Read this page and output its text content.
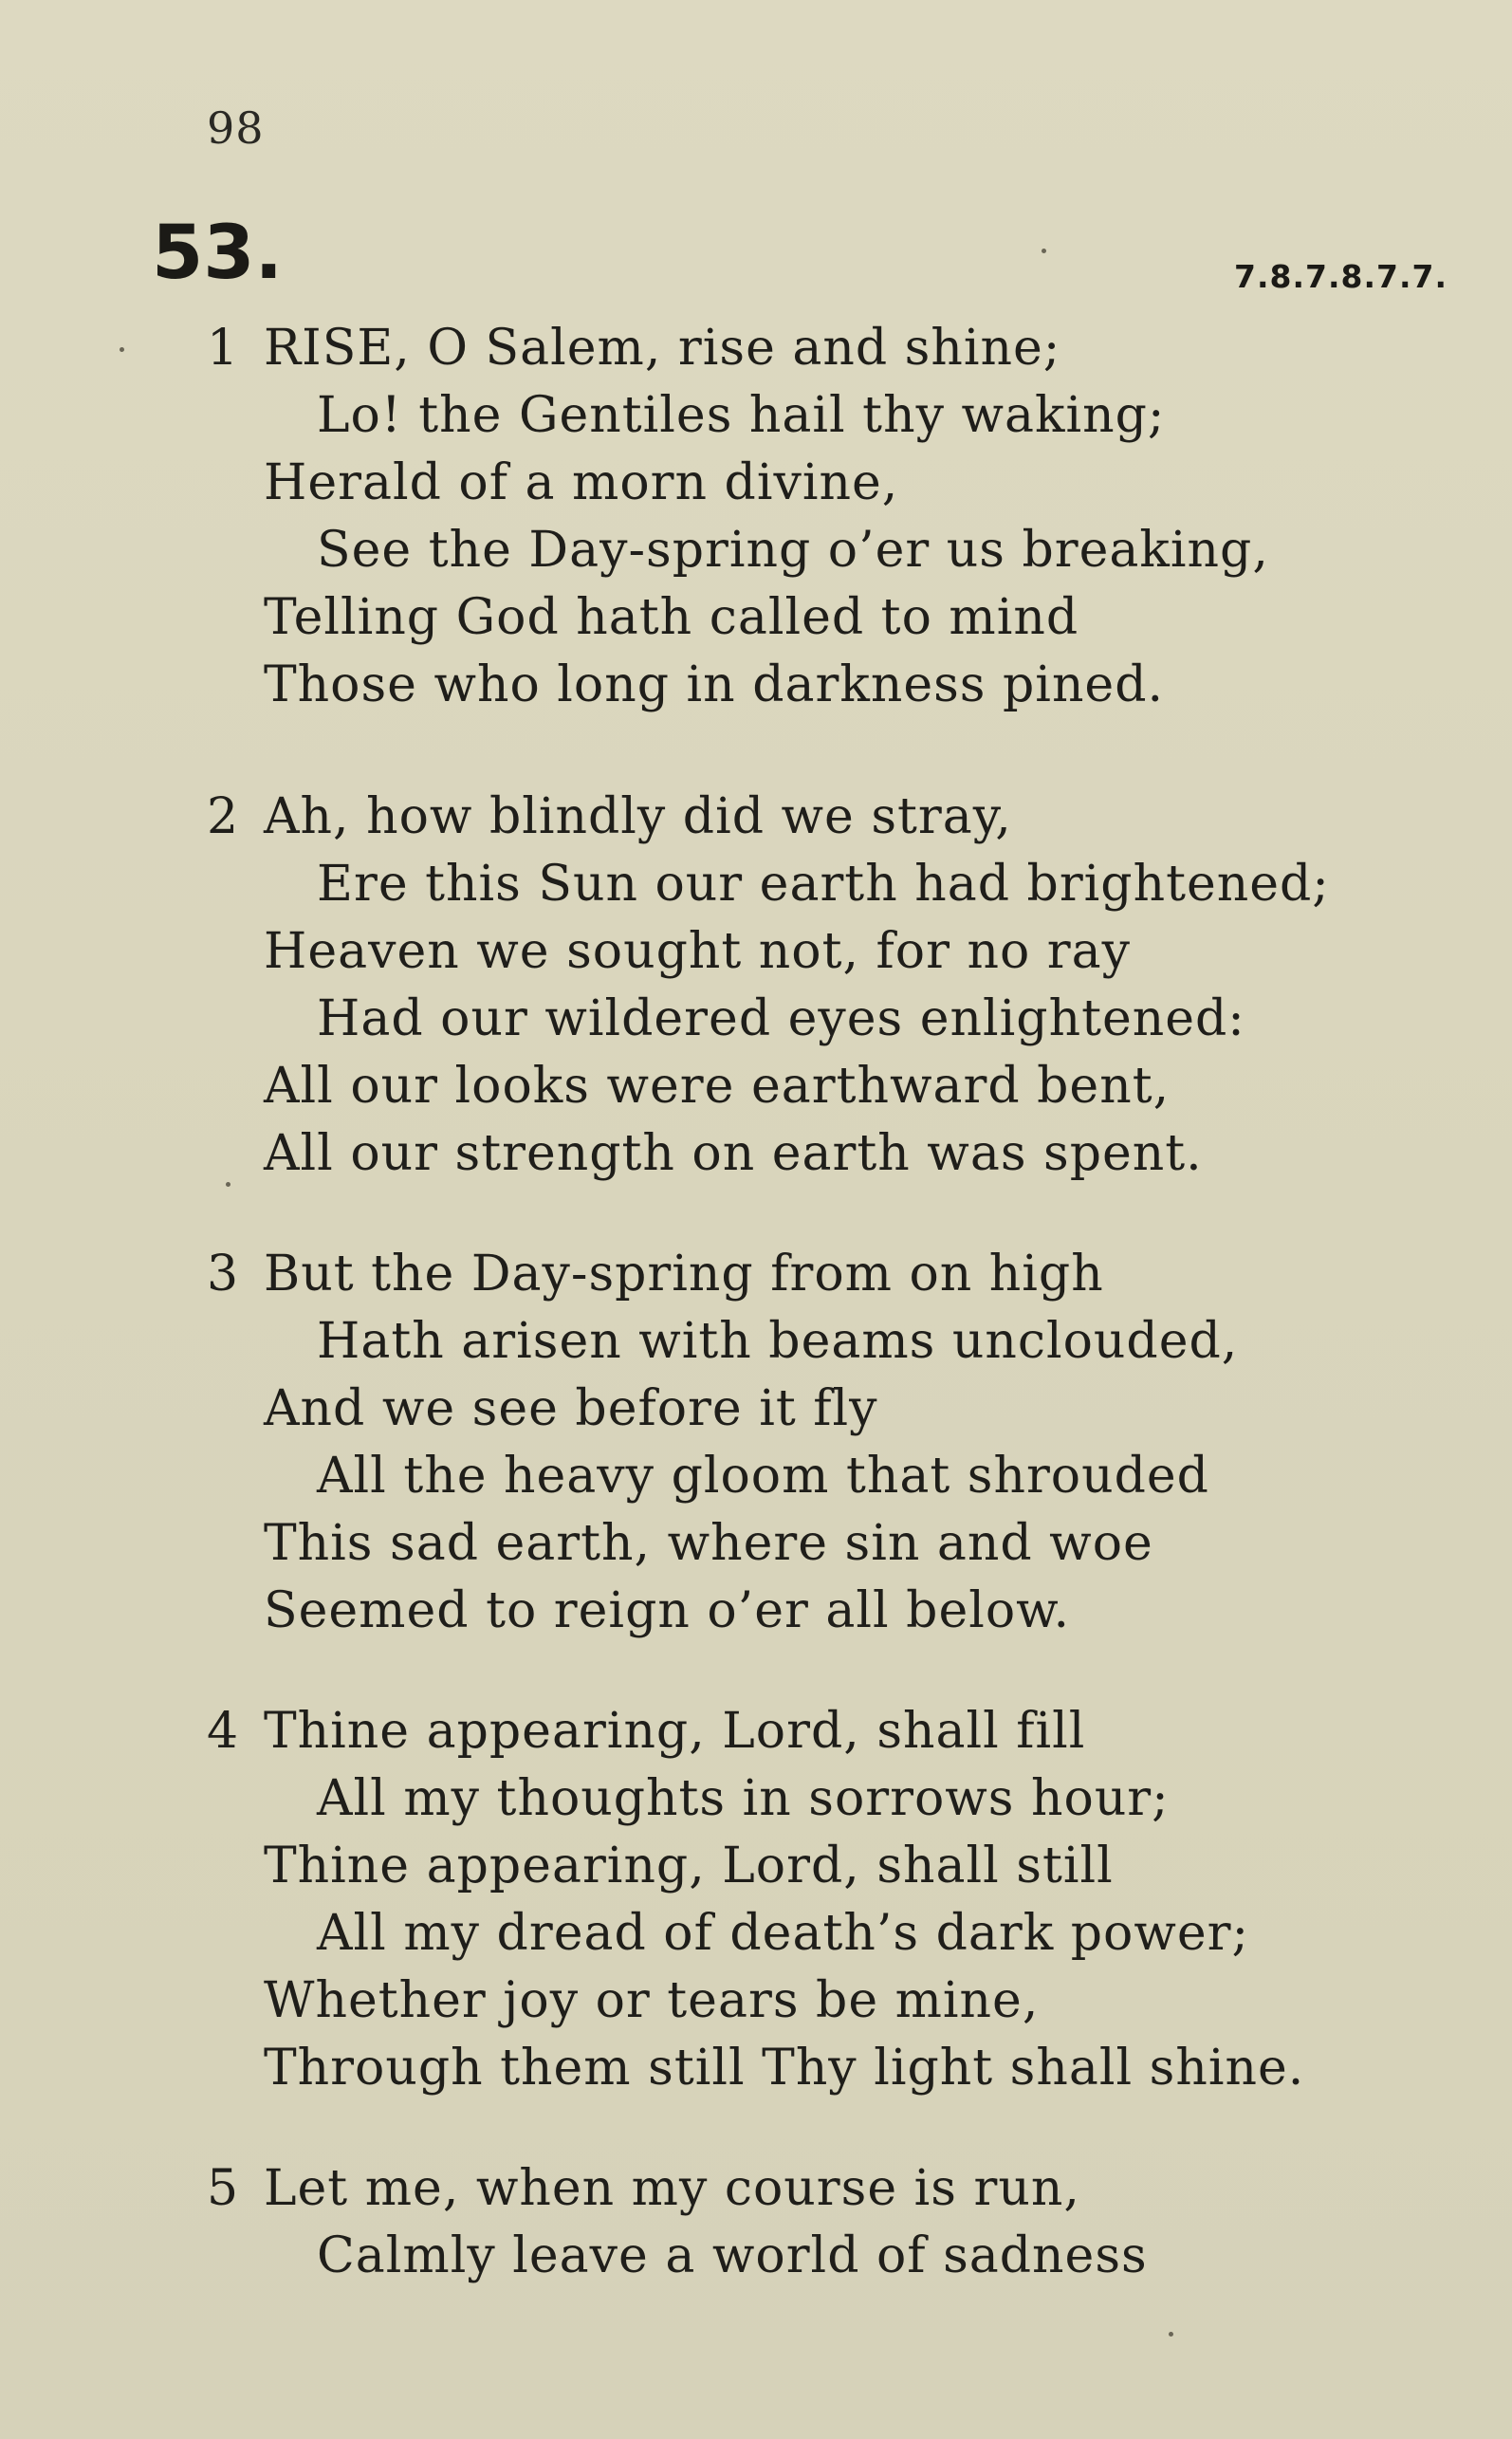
98
53.	7.8.7.8.7.7.
1 RISE, O Salem, rise and shine;
Lo! the Gentiles hail thy waking;
Herald of a morn divine,
See the Day-spring o’er us breaking,
Telling God hath called to mind
Those who long in darkness pined.
2 Ah, how blindly did we stray,
Ere this Sun our earth had brightened;
Heaven we sought not, for no ray
Had our wildered eyes enlightened:
All our looks were earthward bent,
All our strength on earth was spent.
3 But the Day-spring from on high
Hath arisen with beams unclouded,
And we see before it fly
All the heavy gloom that shrouded
This sad earth, where sin and woe
Seemed to reign o’er all below.
4 Thine appearing, Lord, shall fill
All my thoughts in sorrows hour;
Thine appearing, Lord, shall still
All my dread of death’s dark power;
Whether joy or tears be mine,
Through them still Thy light shall shine.
5 Let me, when my course is run,
Calmly leave a world of sadness
